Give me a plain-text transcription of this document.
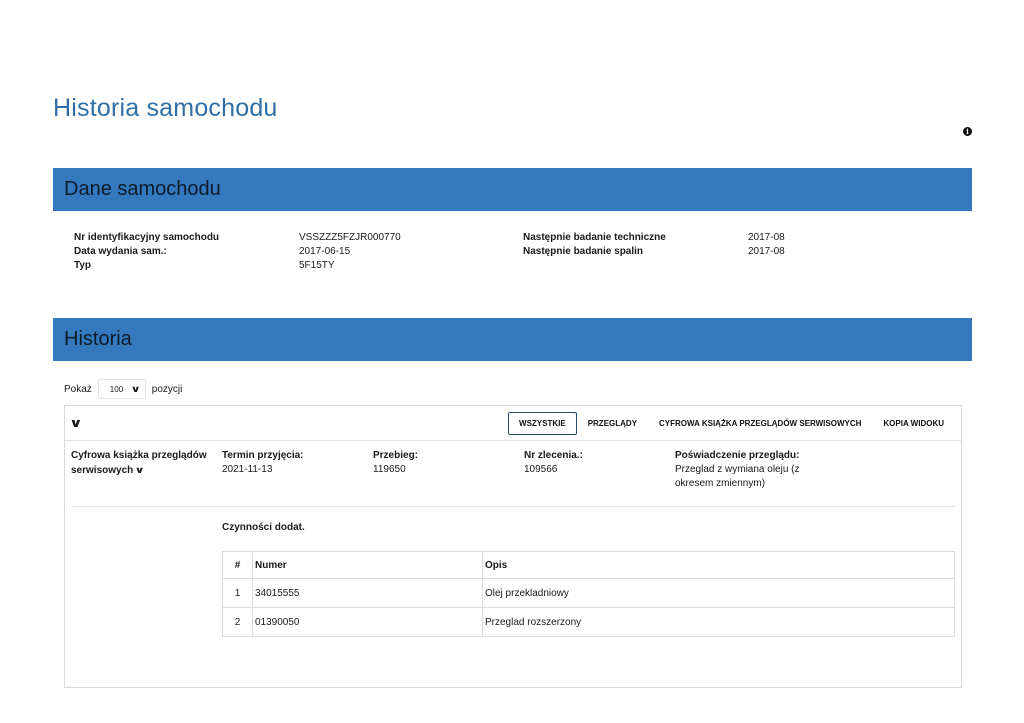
Historia samochodu
i
Dane samochodu
Nr identyfikacyjny samochodu	VSSZZZ5FZJR000770
Data wydania sam.:	2017-06-15
Typ	5F15TY
Następnie badanie techniczne	2017-08
Następnie badanie spalin	2017-08
Historia
Pokaż 100 ∨ pozycji
∨	WSZYSTKIE	PRZEGLĄDY	CYFROWA KSIĄŻKA PRZEGLĄDÓW SERWISOWYCH	KOPIA WIDOKU
Cyfrowa książka przeglądów
serwisowych ∨
Termin przyjęcia:
2021-11-13
Przebieg:
119650
Nr zlecenia.:
109566
Poświadczenie przeglądu:
Przeglad z wymiana oleju (z
okresem zmiennym)
Czynności dodat.
#	Numer	Opis
1	34015555	Olej przekladniowy
2	01390050	Przeglad rozszerzony
